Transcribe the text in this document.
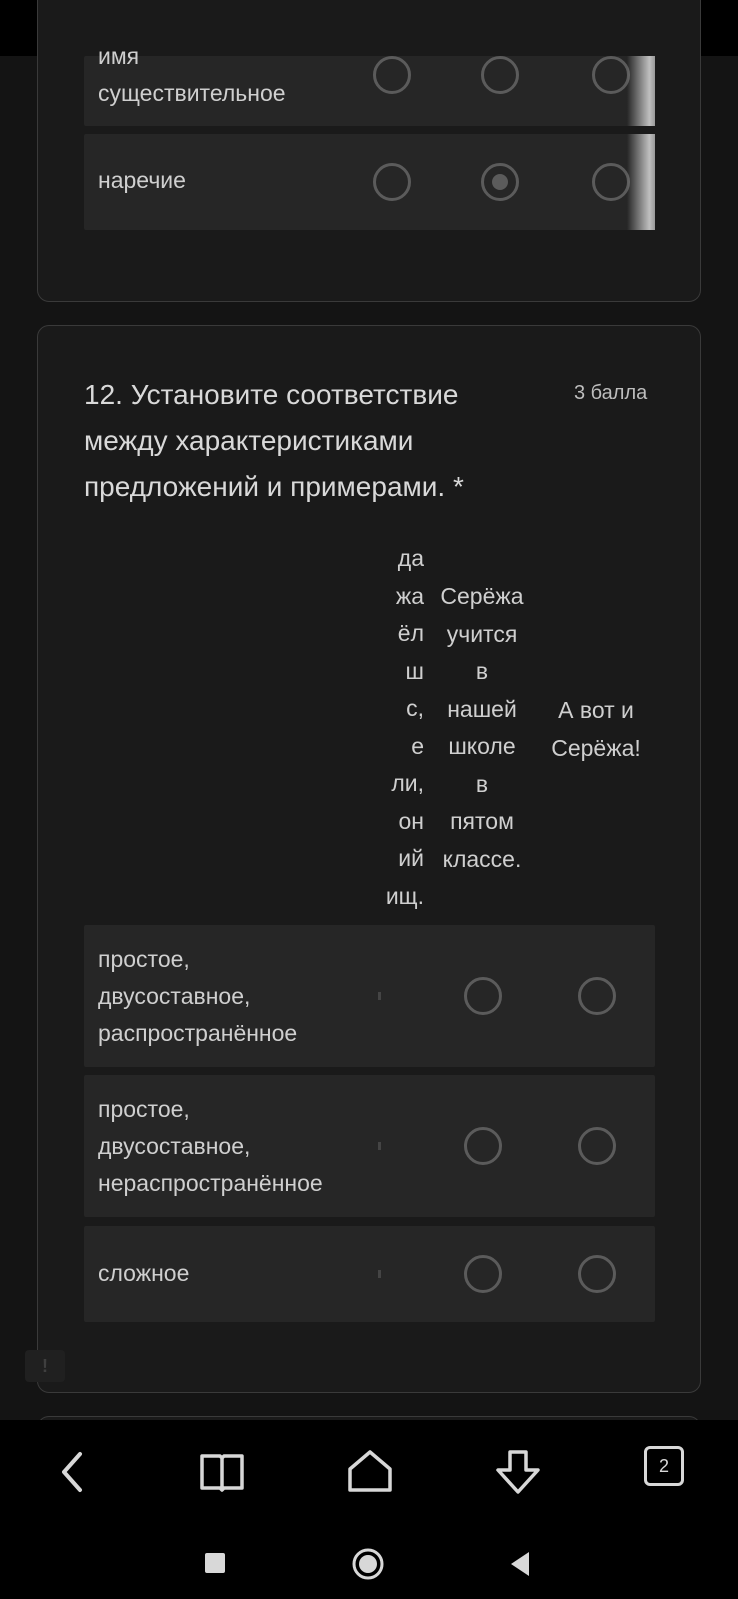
имя
существительное
наречие
12. Установите соответствие
между характеристиками
предложений и примерами. *
3 балла
да
жа
ёл
ш
с,
е
ли,
он
ий
ищ.
Серёжа
учится
в
нашей
школе
в
пятом
классе.
А вот и
Серёжа!
простое,
двусоставное,
распространённое
простое,
двусоставное,
нераспространённое
сложное
!
2
